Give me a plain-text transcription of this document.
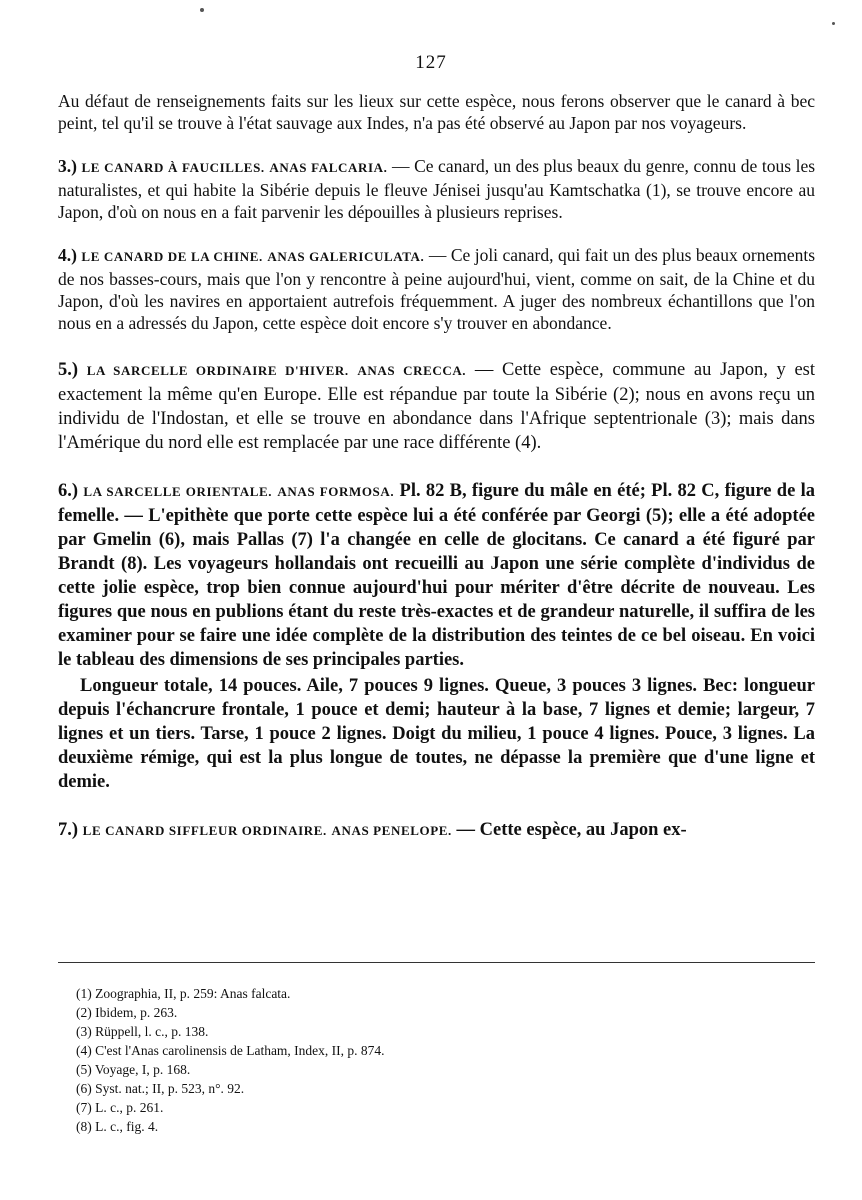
127

Au défaut de renseignements faits sur les lieux sur cette espèce, nous ferons observer que le canard à bec peint, tel qu'il se trouve à l'état sauvage aux Indes, n'a pas été observé au Japon par nos voyageurs.

3.) LE CANARD À FAUCILLES. ANAS FALCARIA. — Ce canard, un des plus beaux du genre, connu de tous les naturalistes, et qui habite la Sibérie depuis le fleuve Jénisei jusqu'au Kamtschatka (1), se trouve encore au Japon, d'où on nous en a fait parvenir les dépouilles à plusieurs reprises.

4.) LE CANARD DE LA CHINE. ANAS GALERICULATA. — Ce joli canard, qui fait un des plus beaux ornements de nos basses-cours, mais que l'on y rencontre à peine aujourd'hui, vient, comme on sait, de la Chine et du Japon, d'où les navires en apportaient autrefois fréquemment. A juger des nombreux échantillons que l'on nous en a adressés du Japon, cette espèce doit encore s'y trouver en abondance.

5.) LA SARCELLE ORDINAIRE D'HIVER. ANAS CRECCA. — Cette espèce, commune au Japon, y est exactement la même qu'en Europe. Elle est répandue par toute la Sibérie (2); nous en avons reçu un individu de l'Indostan, et elle se trouve en abondance dans l'Afrique septentrionale (3); mais dans l'Amérique du nord elle est remplacée par une race différente (4).

6.) LA SARCELLE ORIENTALE. ANAS FORMOSA. Pl. 82 B, figure du mâle en été; Pl. 82 C, figure de la femelle. — L'epithète que porte cette espèce lui a été conférée par Georgi (5); elle a été adoptée par Gmelin (6), mais Pallas (7) l'a changée en celle de glocitans. Ce canard a été figuré par Brandt (8). Les voyageurs hollandais ont recueilli au Japon une série complète d'individus de cette jolie espèce, trop bien connue aujourd'hui pour mériter d'être décrite de nouveau. Les figures que nous en publions étant du reste très-exactes et de grandeur naturelle, il suffira de les examiner pour se faire une idée complète de la distribution des teintes de ce bel oiseau. En voici le tableau des dimensions de ses principales parties.

Longueur totale, 14 pouces. Aile, 7 pouces 9 lignes. Queue, 3 pouces 3 lignes. Bec: longueur depuis l'échancrure frontale, 1 pouce et demi; hauteur à la base, 7 lignes et demie; largeur, 7 lignes et un tiers. Tarse, 1 pouce 2 lignes. Doigt du milieu, 1 pouce 4 lignes. Pouce, 3 lignes. La deuxième rémige, qui est la plus longue de toutes, ne dépasse la première que d'une ligne et demie.

7.) LE CANARD SIFFLEUR ORDINAIRE. ANAS PENELOPE. — Cette espèce, au Japon ex-

(1) Zoographia, II, p. 259: Anas falcata.
(2) Ibidem, p. 263.
(3) Rüppell, l. c., p. 138.
(4) C'est l'Anas carolinensis de Latham, Index, II, p. 874.
(5) Voyage, I, p. 168.
(6) Syst. nat.; II, p. 523, n°. 92.
(7) L. c., p. 261.
(8) L. c., fig. 4.
